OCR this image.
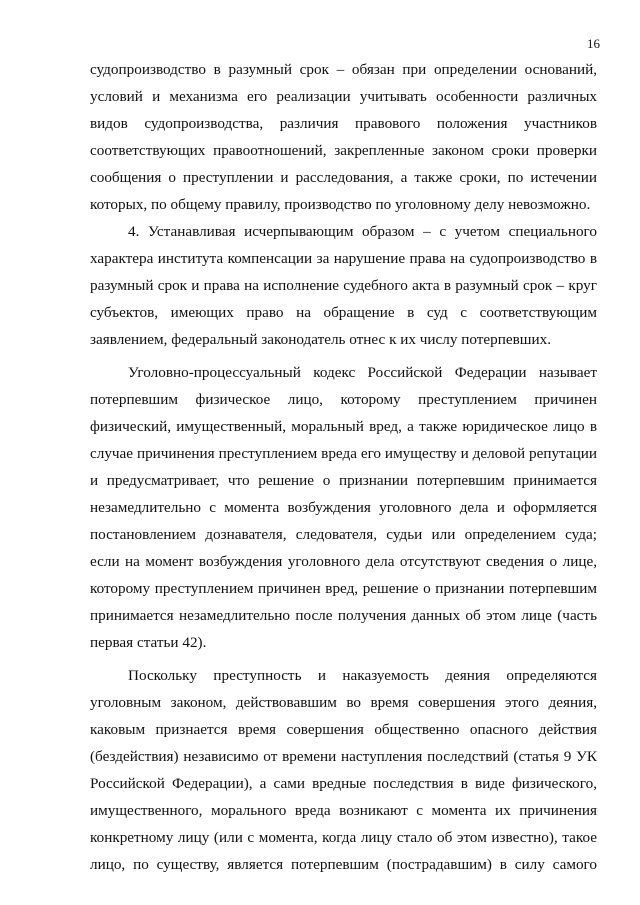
16
судопроизводство в разумный срок – обязан при определении оснований,
условий и механизма его реализации учитывать особенности различных
видов судопроизводства, различия правового положения участников
соответствующих правоотношений, закрепленные законом сроки проверки
сообщения о преступлении и расследования, а также сроки, по истечении
которых, по общему правилу, производство по уголовному делу невозможно.
4. Устанавливая исчерпывающим образом – с учетом специального
характера института компенсации за нарушение права на судопроизводство в
разумный срок и права на исполнение судебного акта в разумный срок – круг
субъектов, имеющих право на обращение в суд с соответствующим
заявлением, федеральный законодатель отнес к их числу потерпевших.
Уголовно-процессуальный кодекс Российской Федерации называет
потерпевшим физическое лицо, которому преступлением причинен
физический, имущественный, моральный вред, а также юридическое лицо в
случае причинения преступлением вреда его имуществу и деловой репутации
и предусматривает, что решение о признании потерпевшим принимается
незамедлительно с момента возбуждения уголовного дела и оформляется
постановлением дознавателя, следователя, судьи или определением суда;
если на момент возбуждения уголовного дела отсутствуют сведения о лице,
которому преступлением причинен вред, решение о признании потерпевшим
принимается незамедлительно после получения данных об этом лице (часть
первая статьи 42).
Поскольку преступность и наказуемость деяния определяются
уголовным законом, действовавшим во время совершения этого деяния,
каковым признается время совершения общественно опасного действия
(бездействия) независимо от времени наступления последствий (статья 9 УК
Российской Федерации), а сами вредные последствия в виде физического,
имущественного, морального вреда возникают с момента их причинения
конкретному лицу (или с момента, когда лицу стало об этом известно), такое
лицо, по существу, является потерпевшим (пострадавшим) в силу самого
